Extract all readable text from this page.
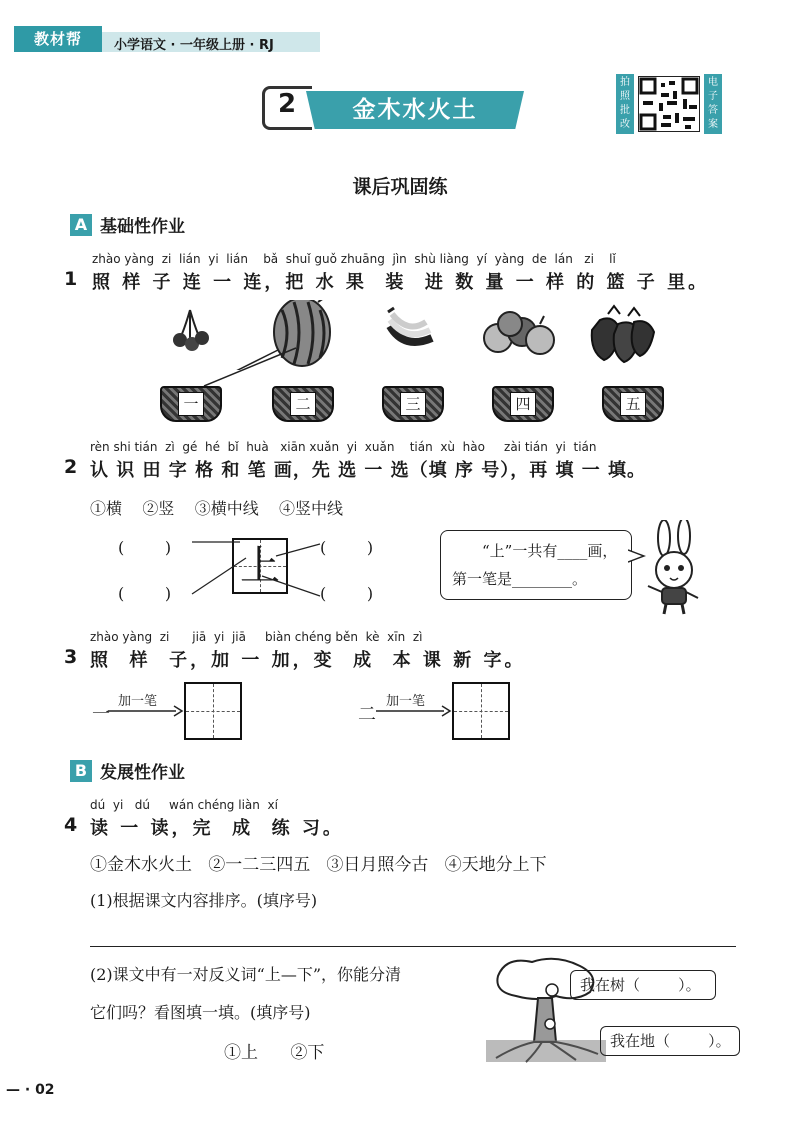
教材帮	小学语文 · 一年级上册 · RJ
2	金木水火土
拍照批改
电子答案
课后巩固练
A 基础性作业
zhào yàng  zi  lián  yi  lián    bǎ  shuǐ guǒ zhuāng  jìn  shù liàng  yí  yàng  de  lán   zi    lǐ
1 照 样 子 连 一 连，把 水 果  装  进 数 量 一 样 的 篮 子 里。
一	二	三	四	五
rèn shi tián  zì  gé  hé  bǐ  huà   xiān xuǎn  yi  xuǎn    tián  xù  hào     zài tián  yi  tián
2 认 识 田 字 格 和 笔 画，先 选 一 选（填 序 号），再 填 一 填。
①横    ②竖    ③横中线    ④竖中线
(        )	(        )
(        )	(        )
上	“上”一共有____画，
第一笔是________。
zhào yàng  zi      jiā  yi  jiā     biàn chéng běn  kè  xīn  zì
3 照  样  子，加 一 加，变  成  本 课 新 字。
一
加一笔
二
加一笔
B 发展性作业
dú  yi   dú     wán chéng liàn  xí
4 读 一 读，完  成  练 习。
①金木水火土   ②一二三四五   ③日月照今古   ④天地分上下
(1)根据课文内容排序。(填序号)
(2)课文中有一对反义词“上—下”，你能分清
它们吗？看图填一填。(填序号)
①上      ②下
我在树（        ）。
我在地（        ）。
— · 02
